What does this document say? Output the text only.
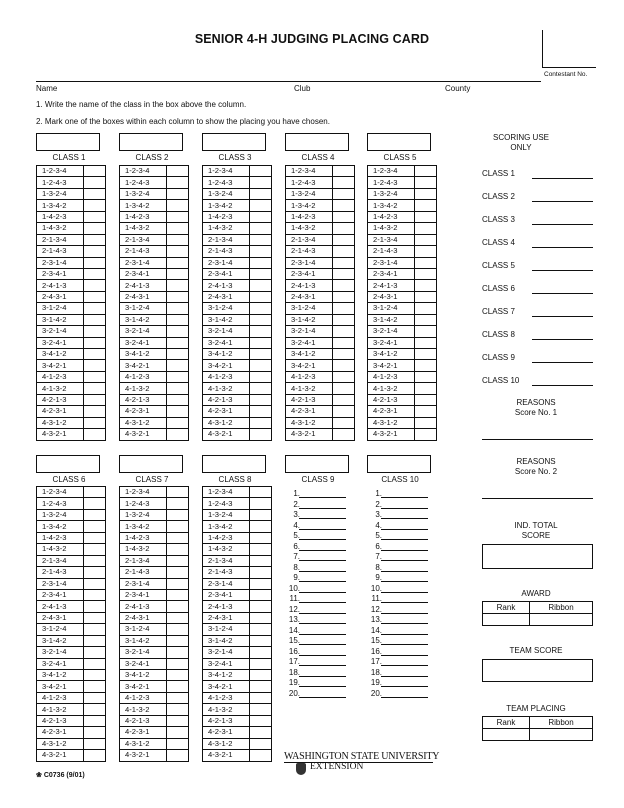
SENIOR 4-H JUDGING PLACING CARD
Contestant No.
Name	Club	County
1. Write the name of the class in the box above the column.
2. Mark one of the boxes within each column to show the placing you have chosen.
CLASS 1
1-2-3-4	
1-2-4-3	
1-3-2-4	
1-3-4-2	
1-4-2-3	
1-4-3-2	
2-1-3-4	
2-1-4-3	
2-3-1-4	
2-3-4-1	
2-4-1-3	
2-4-3-1	
3-1-2-4	
3-1-4-2	
3-2-1-4	
3-2-4-1	
3-4-1-2	
3-4-2-1	
4-1-2-3	
4-1-3-2	
4-2-1-3	
4-2-3-1	
4-3-1-2	
4-3-2-1	
CLASS 2
1-2-3-4	
1-2-4-3	
1-3-2-4	
1-3-4-2	
1-4-2-3	
1-4-3-2	
2-1-3-4	
2-1-4-3	
2-3-1-4	
2-3-4-1	
2-4-1-3	
2-4-3-1	
3-1-2-4	
3-1-4-2	
3-2-1-4	
3-2-4-1	
3-4-1-2	
3-4-2-1	
4-1-2-3	
4-1-3-2	
4-2-1-3	
4-2-3-1	
4-3-1-2	
4-3-2-1	
CLASS 3
1-2-3-4	
1-2-4-3	
1-3-2-4	
1-3-4-2	
1-4-2-3	
1-4-3-2	
2-1-3-4	
2-1-4-3	
2-3-1-4	
2-3-4-1	
2-4-1-3	
2-4-3-1	
3-1-2-4	
3-1-4-2	
3-2-1-4	
3-2-4-1	
3-4-1-2	
3-4-2-1	
4-1-2-3	
4-1-3-2	
4-2-1-3	
4-2-3-1	
4-3-1-2	
4-3-2-1	
CLASS 4
1-2-3-4	
1-2-4-3	
1-3-2-4	
1-3-4-2	
1-4-2-3	
1-4-3-2	
2-1-3-4	
2-1-4-3	
2-3-1-4	
2-3-4-1	
2-4-1-3	
2-4-3-1	
3-1-2-4	
3-1-4-2	
3-2-1-4	
3-2-4-1	
3-4-1-2	
3-4-2-1	
4-1-2-3	
4-1-3-2	
4-2-1-3	
4-2-3-1	
4-3-1-2	
4-3-2-1	
CLASS 5
1-2-3-4	
1-2-4-3	
1-3-2-4	
1-3-4-2	
1-4-2-3	
1-4-3-2	
2-1-3-4	
2-1-4-3	
2-3-1-4	
2-3-4-1	
2-4-1-3	
2-4-3-1	
3-1-2-4	
3-1-4-2	
3-2-1-4	
3-2-4-1	
3-4-1-2	
3-4-2-1	
4-1-2-3	
4-1-3-2	
4-2-1-3	
4-2-3-1	
4-3-1-2	
4-3-2-1	
CLASS 6
1-2-3-4	
1-2-4-3	
1-3-2-4	
1-3-4-2	
1-4-2-3	
1-4-3-2	
2-1-3-4	
2-1-4-3	
2-3-1-4	
2-3-4-1	
2-4-1-3	
2-4-3-1	
3-1-2-4	
3-1-4-2	
3-2-1-4	
3-2-4-1	
3-4-1-2	
3-4-2-1	
4-1-2-3	
4-1-3-2	
4-2-1-3	
4-2-3-1	
4-3-1-2	
4-3-2-1	
CLASS 7
1-2-3-4	
1-2-4-3	
1-3-2-4	
1-3-4-2	
1-4-2-3	
1-4-3-2	
2-1-3-4	
2-1-4-3	
2-3-1-4	
2-3-4-1	
2-4-1-3	
2-4-3-1	
3-1-2-4	
3-1-4-2	
3-2-1-4	
3-2-4-1	
3-4-1-2	
3-4-2-1	
4-1-2-3	
4-1-3-2	
4-2-1-3	
4-2-3-1	
4-3-1-2	
4-3-2-1	
CLASS 8
1-2-3-4	
1-2-4-3	
1-3-2-4	
1-3-4-2	
1-4-2-3	
1-4-3-2	
2-1-3-4	
2-1-4-3	
2-3-1-4	
2-3-4-1	
2-4-1-3	
2-4-3-1	
3-1-2-4	
3-1-4-2	
3-2-1-4	
3-2-4-1	
3-4-1-2	
3-4-2-1	
4-1-2-3	
4-1-3-2	
4-2-1-3	
4-2-3-1	
4-3-1-2	
4-3-2-1	
CLASS 9
1.
2.
3.
4.
5.
6.
7.
8.
9.
10.
11.
12.
13.
14.
15.
16.
17.
18.
19.
20.
CLASS 10
1.
2.
3.
4.
5.
6.
7.
8.
9.
10.
11.
12.
13.
14.
15.
16.
17.
18.
19.
20.
SCORING USE
ONLY
CLASS 1
CLASS 2
CLASS 3
CLASS 4
CLASS 5
CLASS 6
CLASS 7
CLASS 8
CLASS 9
CLASS 10
REASONS
Score No. 1
REASONS
Score No. 2
IND. TOTAL
SCORE
AWARD
Rank	Ribbon

TEAM SCORE
TEAM PLACING
Rank	Ribbon

❀ C0736 (9/01)
WASHINGTON STATE UNIVERSITY
EXTENSION
